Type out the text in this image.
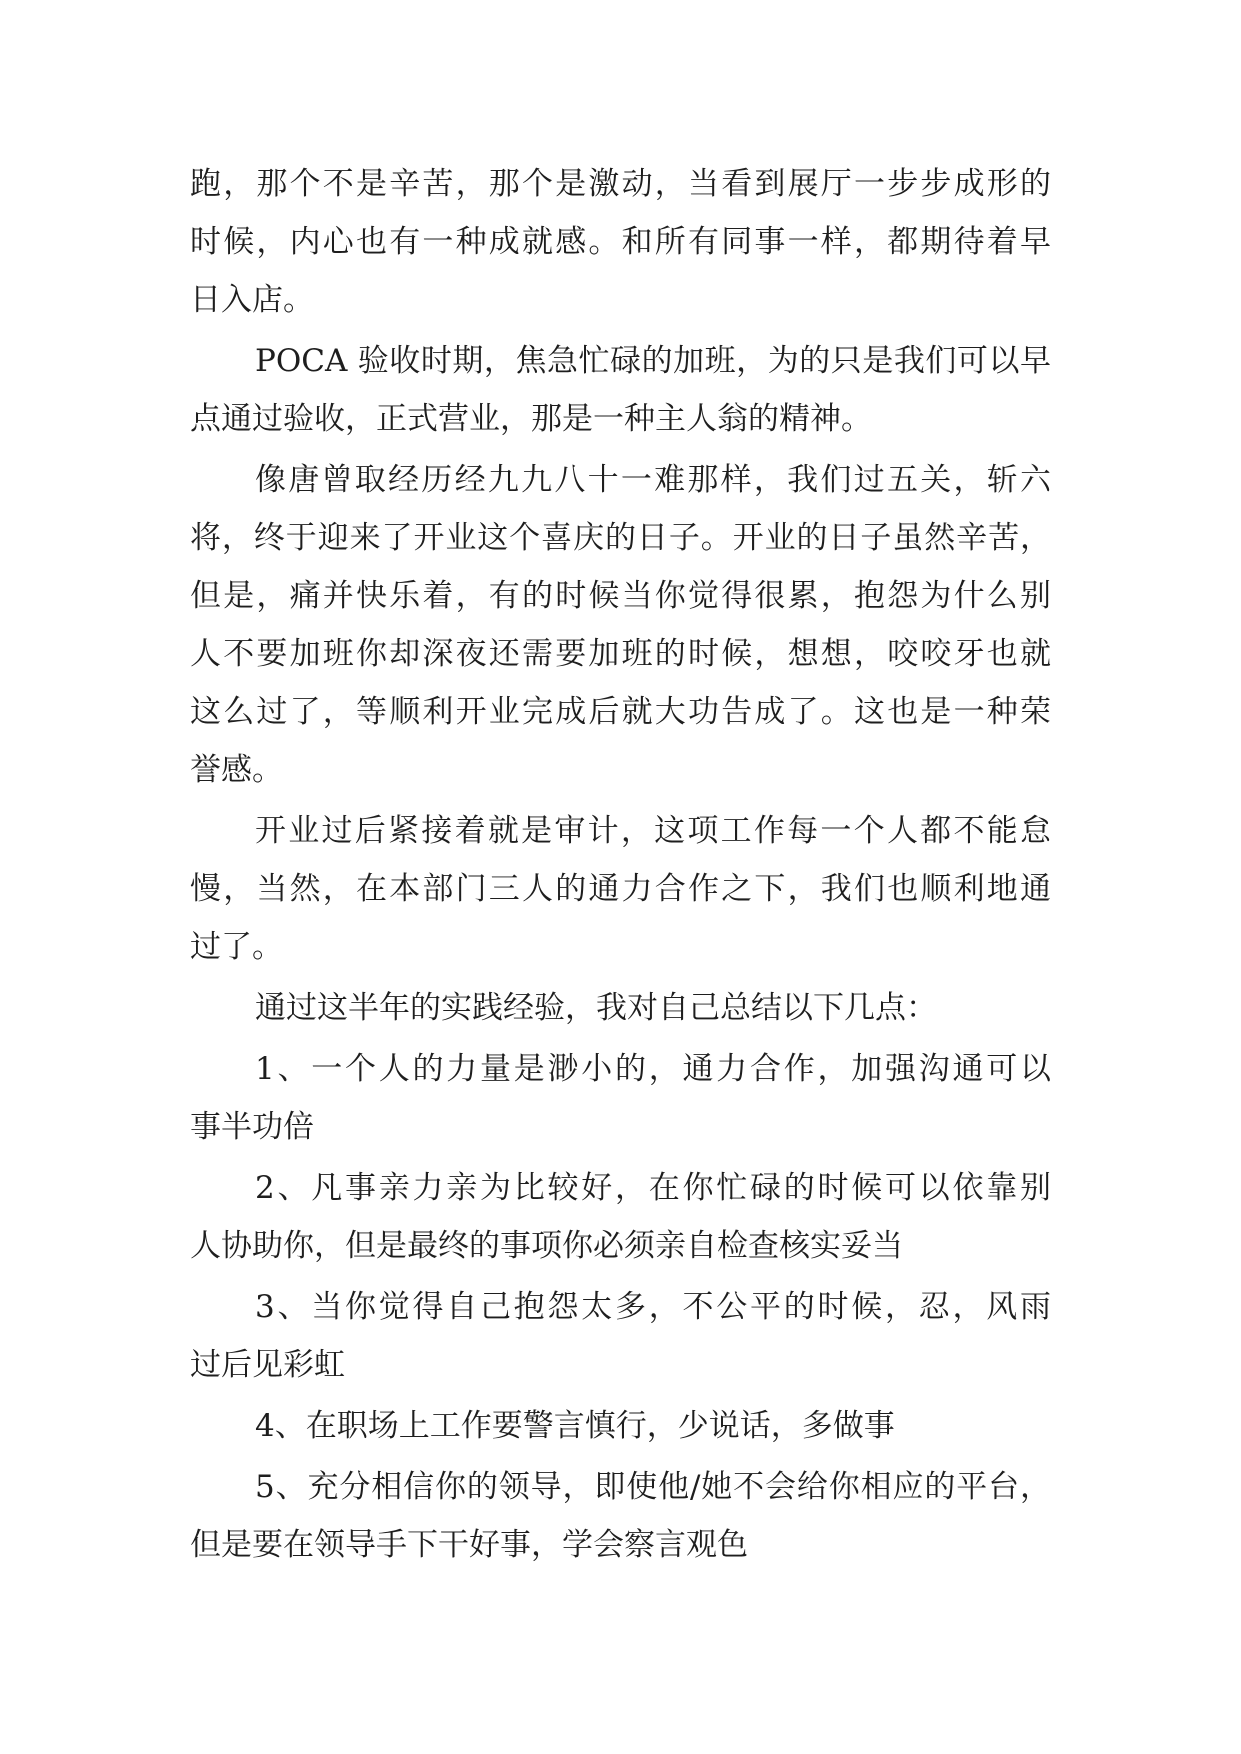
跑，那个不是辛苦，那个是激动，当看到展厅一步步成形的
时候，内心也有一种成就感。和所有同事一样，都期待着早
日入店。
POCA 验收时期，焦急忙碌的加班，为的只是我们可以早
点通过验收，正式营业，那是一种主人翁的精神。
像唐曾取经历经九九八十一难那样，我们过五关，斩六
将，终于迎来了开业这个喜庆的日子。开业的日子虽然辛苦，
但是，痛并快乐着，有的时候当你觉得很累，抱怨为什么别
人不要加班你却深夜还需要加班的时候，想想，咬咬牙也就
这么过了，等顺利开业完成后就大功告成了。这也是一种荣
誉感。
开业过后紧接着就是审计，这项工作每一个人都不能怠
慢，当然，在本部门三人的通力合作之下，我们也顺利地通
过了。
通过这半年的实践经验，我对自己总结以下几点：
1、一个人的力量是渺小的，通力合作，加强沟通可以
事半功倍
2、凡事亲力亲为比较好，在你忙碌的时候可以依靠别
人协助你，但是最终的事项你必须亲自检查核实妥当
3、当你觉得自己抱怨太多，不公平的时候，忍，风雨
过后见彩虹
4、在职场上工作要警言慎行，少说话，多做事
5、充分相信你的领导，即使他/她不会给你相应的平台，
但是要在领导手下干好事，学会察言观色
